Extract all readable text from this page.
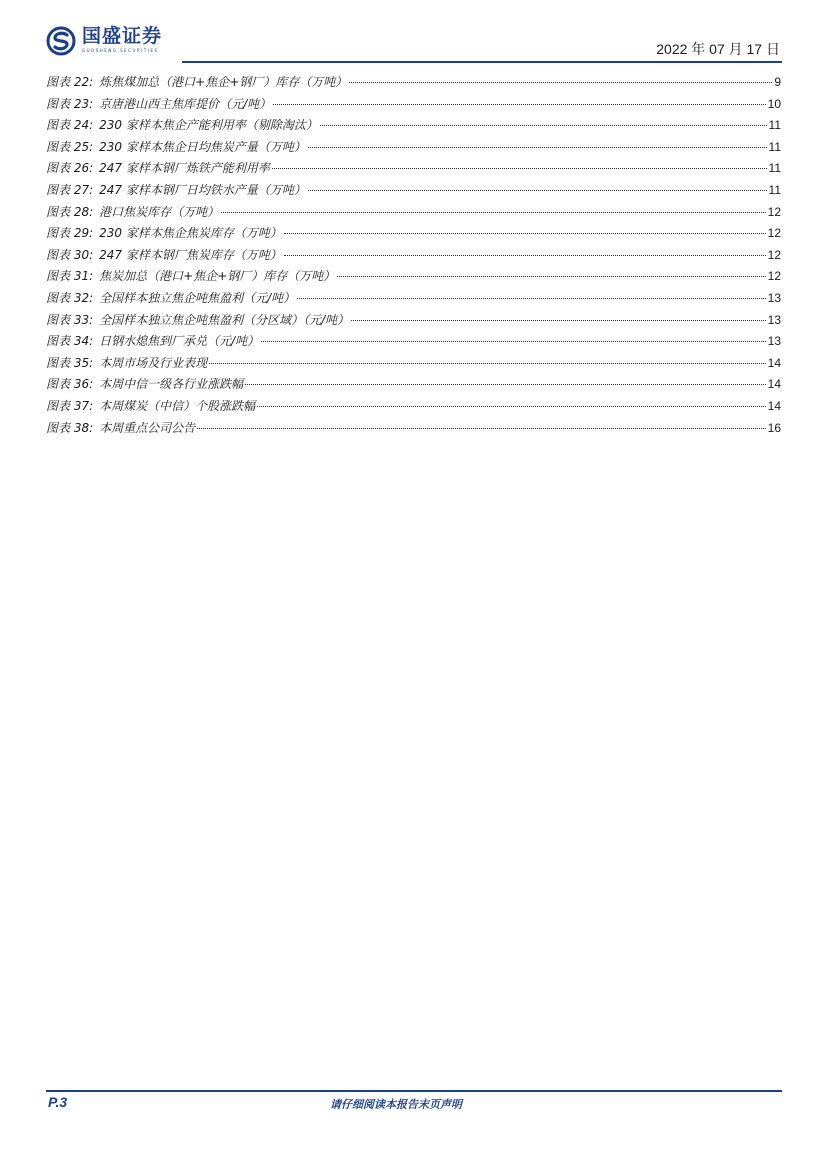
国盛证券
GUOSHENG SECURITIES	2022 年 07 月 17 日
图表 22: 炼焦煤加总（港口+焦企+钢厂）库存（万吨）	9
图表 23: 京唐港山西主焦库提价（元/吨）	10
图表 24: 230 家样本焦企产能利用率（剔除淘汰）	11
图表 25: 230 家样本焦企日均焦炭产量（万吨）	11
图表 26: 247 家样本钢厂炼铁产能利用率	11
图表 27: 247 家样本钢厂日均铁水产量（万吨）	11
图表 28: 港口焦炭库存（万吨）	12
图表 29: 230 家样本焦企焦炭库存（万吨）	12
图表 30: 247 家样本钢厂焦炭库存（万吨）	12
图表 31: 焦炭加总（港口+焦企+钢厂）库存（万吨）	12
图表 32: 全国样本独立焦企吨焦盈利（元/吨）	13
图表 33: 全国样本独立焦企吨焦盈利（分区域）（元/吨）	13
图表 34: 日钢水熄焦到厂承兑（元/吨）	13
图表 35: 本周市场及行业表现	14
图表 36: 本周中信一级各行业涨跌幅	14
图表 37: 本周煤炭（中信）个股涨跌幅	14
图表 38: 本周重点公司公告	16
P.3	请仔细阅读本报告末页声明
